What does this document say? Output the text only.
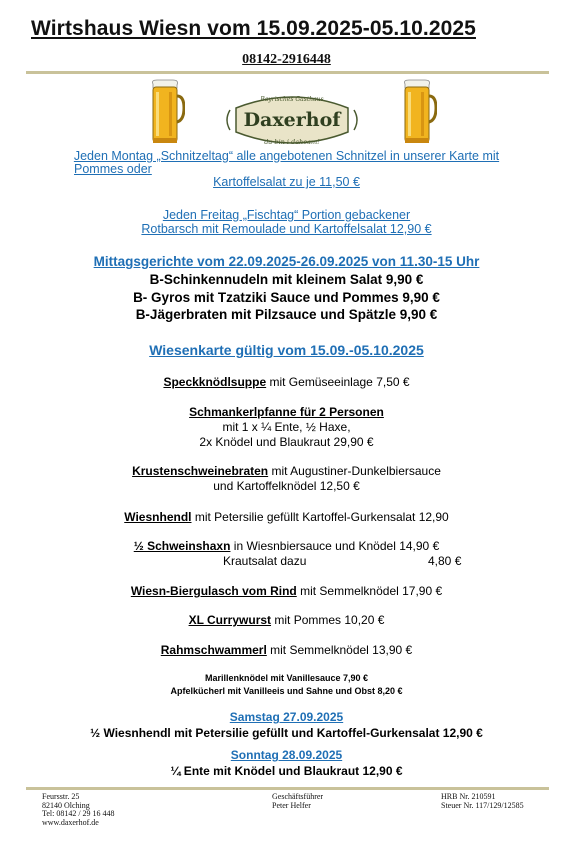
Wirtshaus Wiesn vom 15.09.2025-05.10.2025
08142-2916448
Bayrisches Gasthaus
Daxerhof
da bin i dahoam!
Jeden Montag „Schnitzeltag“ alle angebotenen Schnitzel in unserer Karte mit
Pommes oder
Kartoffelsalat zu je 11,50 €
Jeden Freitag „Fischtag“ Portion gebackener
Rotbarsch mit Remoulade und Kartoffelsalat 12,90 €
Mittagsgerichte vom 22.09.2025-26.09.2025 von 11.30-15 Uhr
B-Schinkennudeln mit kleinem Salat 9,90 €
B- Gyros mit Tzatziki Sauce und Pommes 9,90 €
B-Jägerbraten mit Pilzsauce und Spätzle 9,90 €
Wiesenkarte gültig vom 15.09.-05.10.2025
Speckknödlsuppe mit Gemüseeinlage 7,50 €
Schmankerlpfanne für 2 Personen
mit 1 x ¼ Ente, ½ Haxe,
2x Knödel und Blaukraut 29,90 €
Krustenschweinebraten mit Augustiner-Dunkelbiersauce
und Kartoffelknödel 12,50 €
Wiesnhendl mit Petersilie gefüllt Kartoffel-Gurkensalat 12,90
½ Schweinshaxn in Wiesnbiersauce und Knödel 14,90 €
Krautsalat dazu	4,80 €
Wiesn-Biergulasch vom Rind mit Semmelknödel 17,90 €
XL Currywurst mit Pommes 10,20 €
Rahmschwammerl mit Semmelknödel 13,90 €
Marillenknödel mit Vanillesauce 7,90 €
Apfelkücherl mit Vanilleeis und Sahne und Obst 8,20 €
Samstag 27.09.2025
½ Wiesnhendl mit Petersilie gefüllt und Kartoffel-Gurkensalat 12,90 €
Sonntag 28.09.2025
¼ Ente mit Knödel und Blaukraut 12,90 €
Feursstr. 25
82140 Olching
Tel: 08142 / 29 16 448
www.daxerhof.de
Geschäftsführer
Peter Helfer
HRB Nr. 210591
Steuer Nr. 117/129/12585
